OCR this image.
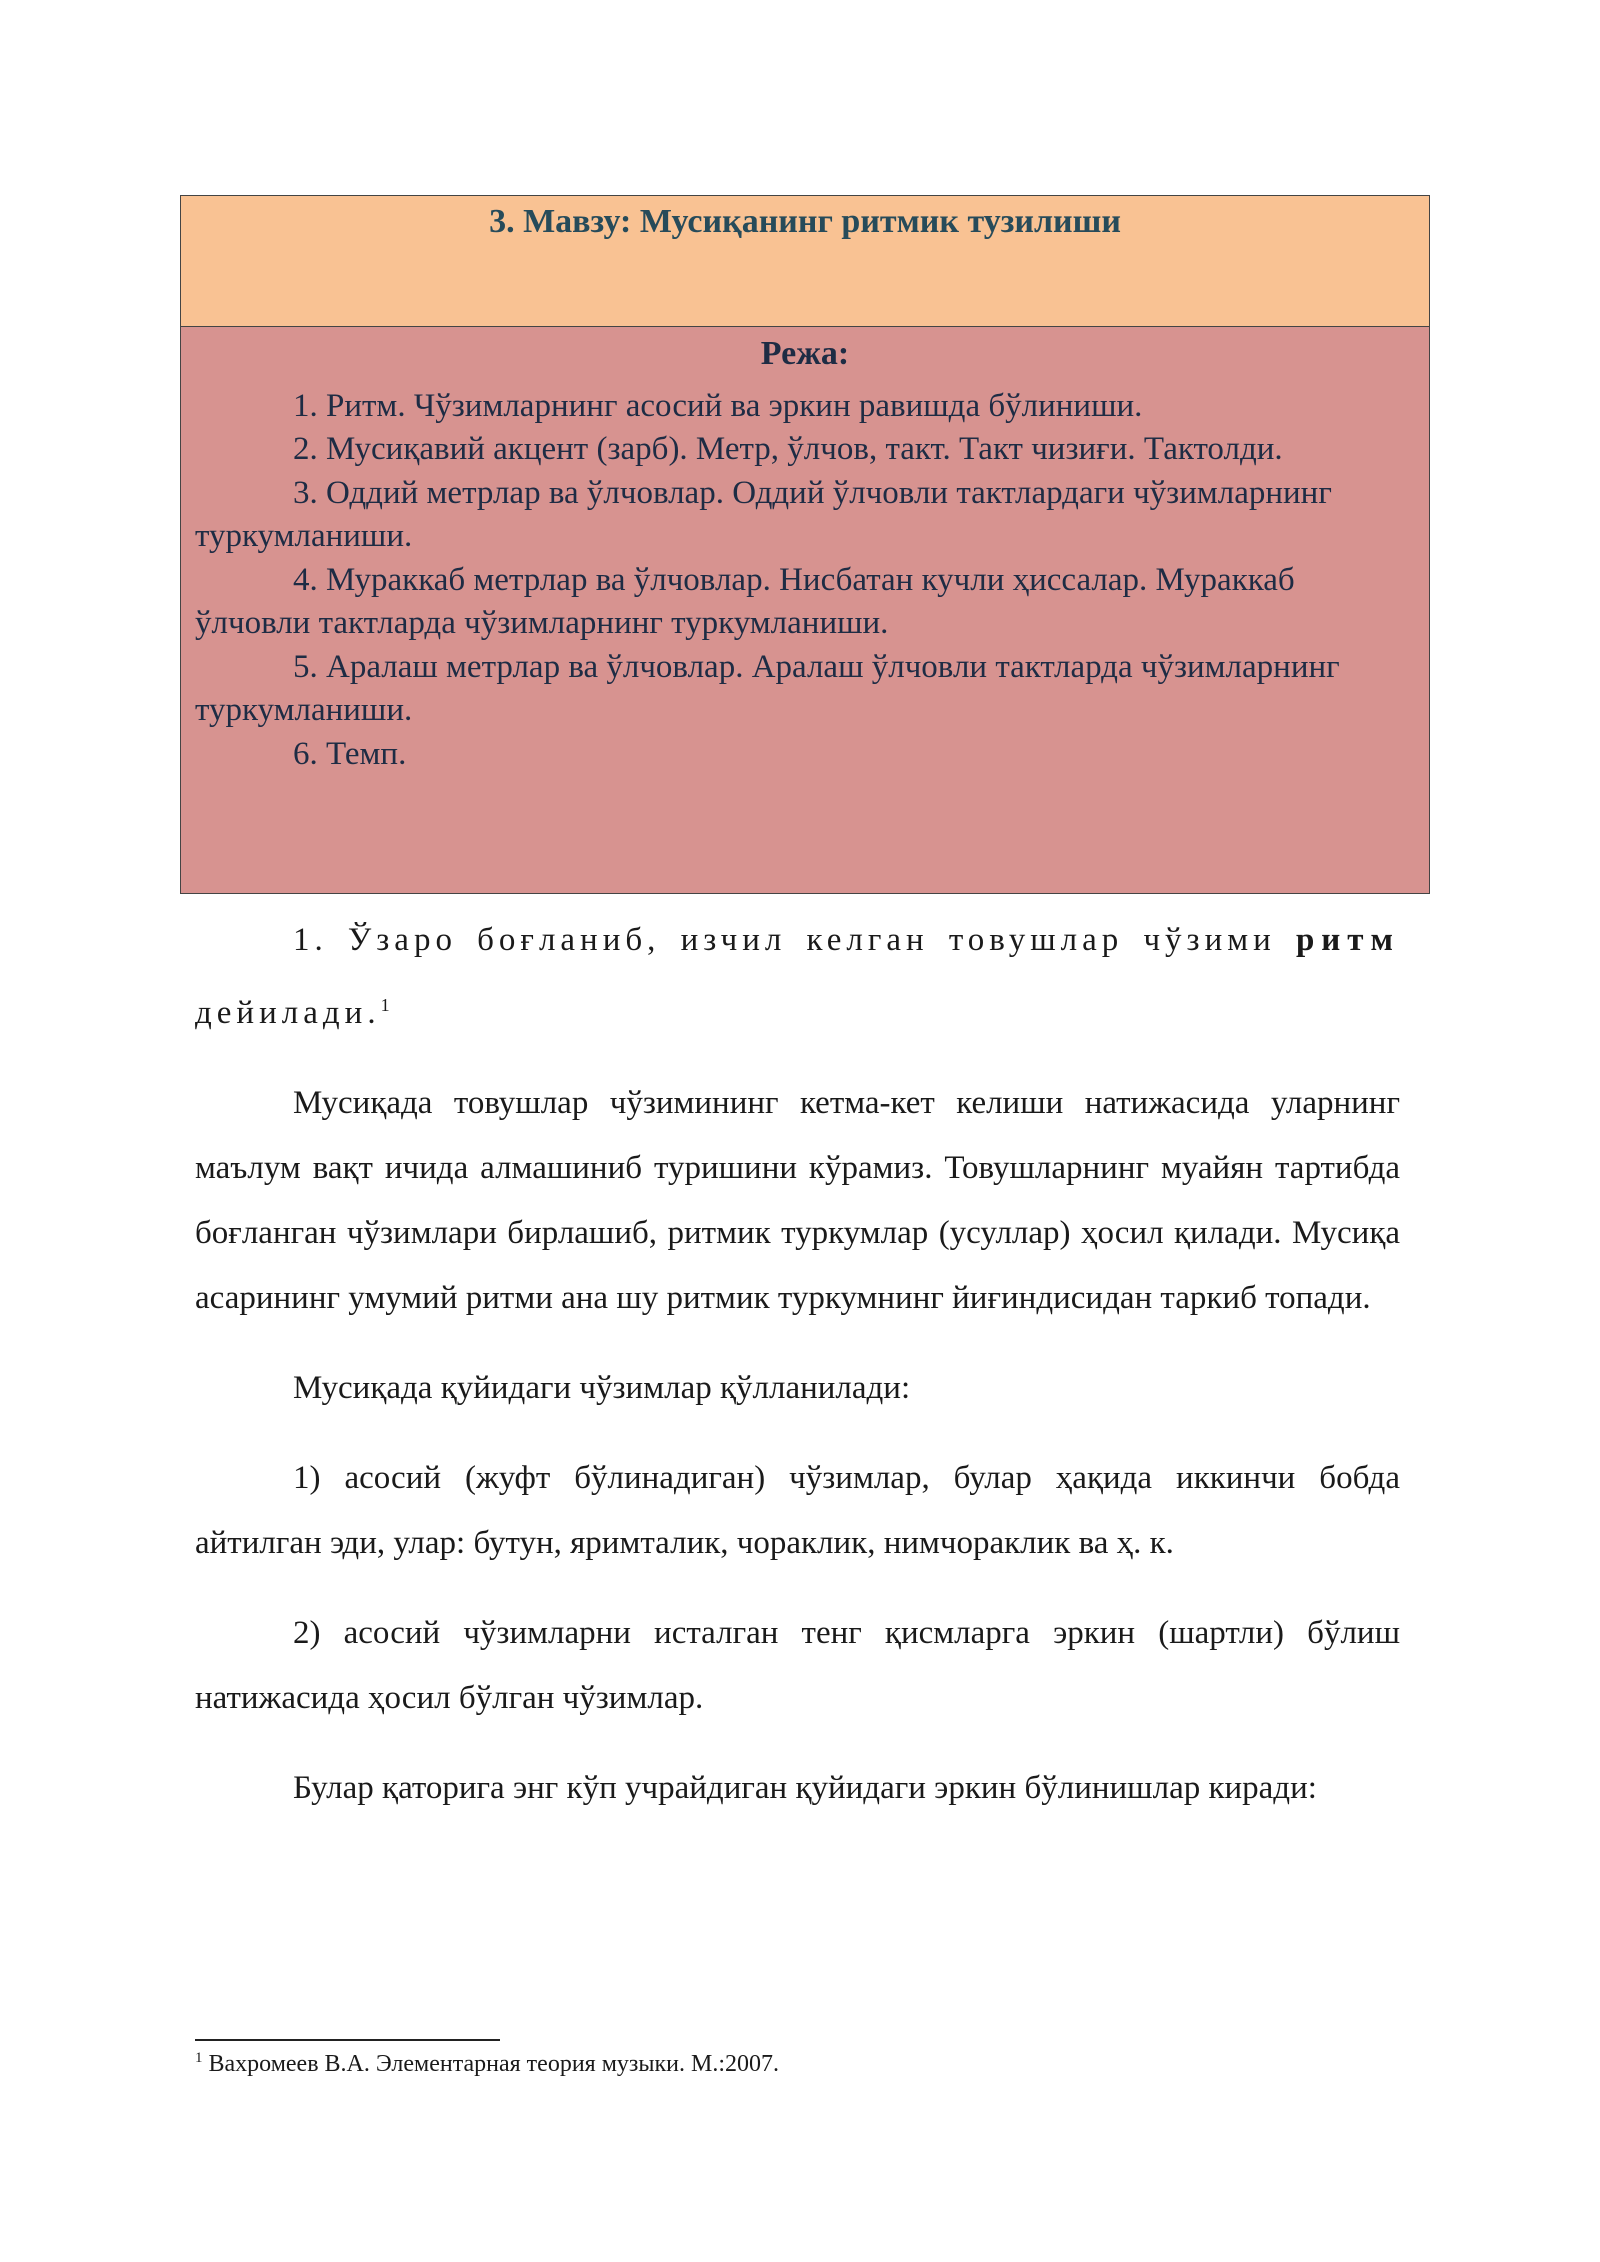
3. Мавзу: Мусиқанинг ритмик тузилиши
Режа:

1. Ритм. Чўзимларнинг асосий ва эркин равишда бўлиниши.

2. Мусиқавий акцент (зарб). Метр, ўлчов, такт. Такт чизиғи. Тактолди.

3. Оддий метрлар ва ўлчовлар. Оддий ўлчовли тактлардаги чўзимларнинг туркумланиши.

4. Мураккаб метрлар ва ўлчовлар. Нисбатан кучли ҳиссалар. Мураккаб ўлчовли тактларда чўзимларнинг туркумланиши.

5. Аралаш метрлар ва ўлчовлар. Аралаш ўлчовли тактларда чўзимларнинг туркумланиши.

6. Темп.

1. Ўзаро боғланиб, изчил келган товушлар чўзими ритм дейилади.$^1$

Мусиқада товушлар чўзимининг кетма-кет келиши натижасида уларнинг маълум вақт ичида алмашиниб туришини кўрамиз. Товушларнинг муайян тартибда боғланган чўзимлари бирлашиб, ритмик туркумлар (усуллар) ҳосил қилади. Мусиқа асарининг умумий ритми ана шу ритмик туркумнинг йиғиндисидан таркиб топади.

Мусиқада қуйидаги чўзимлар қўлланилади:

1) асосий (жуфт бўлинадиган) чўзимлар, булар ҳақида иккинчи бобда айтилган эди, улар: бутун, яримталик, чораклик, нимчораклик ва ҳ. к.

2) асосий чўзимларни исталган тенг қисмларга эркин (шартли) бўлиш натижасида ҳосил бўлган чўзимлар.

Булар қаторига энг кўп учрайдиган қуйидаги эркин бўлинишлар киради:

$^1$ Вахромеев В.А. Элементарная теория музыки. М.:2007.
